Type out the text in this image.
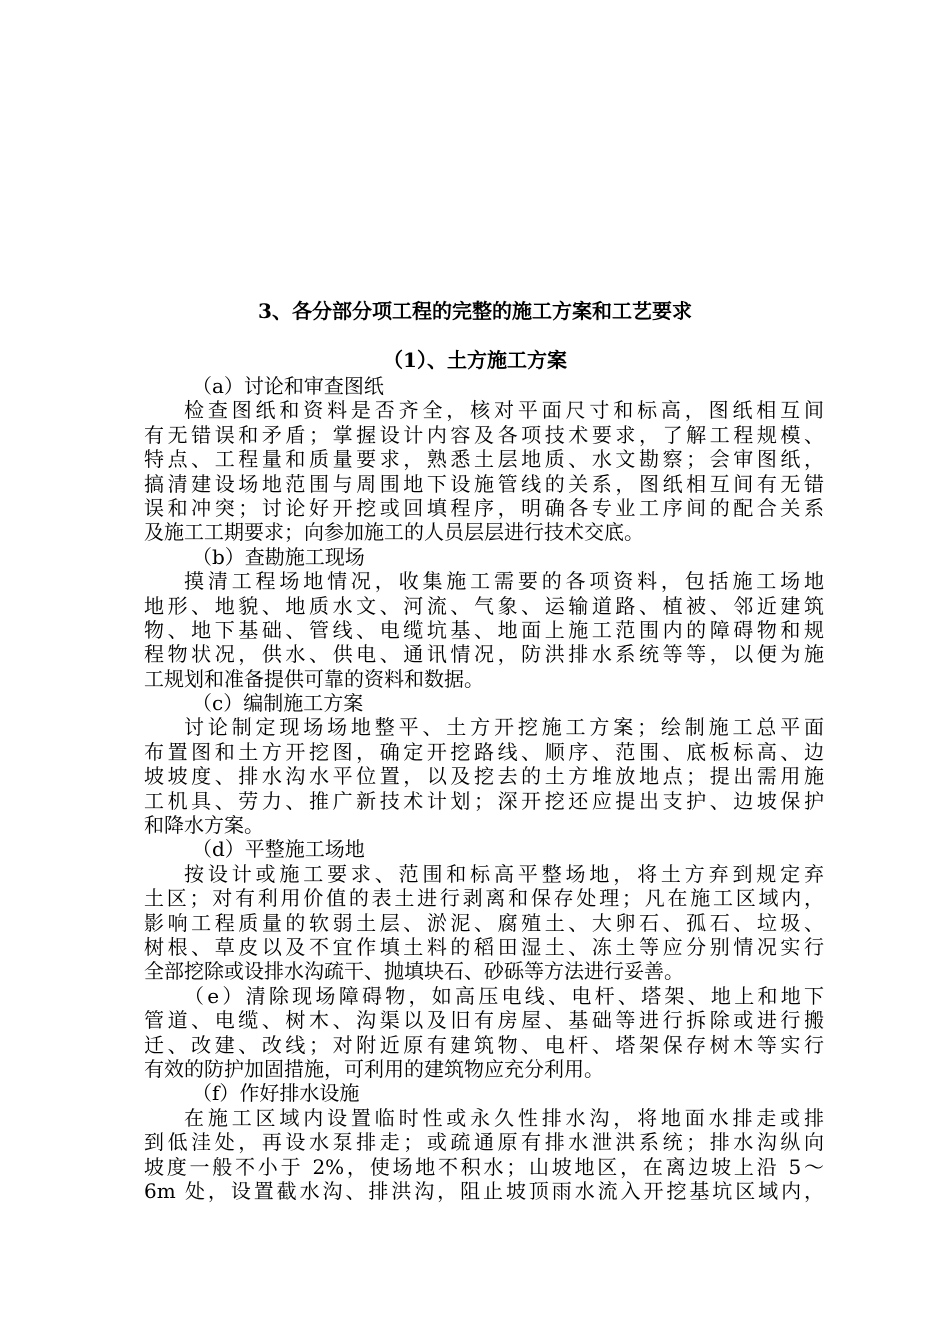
3、各分部分项工程的完整的施工方案和工艺要求
（1）、土方施工方案
（a）讨论和审查图纸
检查图纸和资料是否齐全，核对平面尺寸和标高，图纸相互间
有无错误和矛盾；掌握设计内容及各项技术要求，了解工程规模、
特点、工程量和质量要求，熟悉土层地质、水文勘察；会审图纸，
搞清建设场地范围与周围地下设施管线的关系，图纸相互间有无错
误和冲突；讨论好开挖或回填程序，明确各专业工序间的配合关系
及施工工期要求；向参加施工的人员层层进行技术交底。
（b）查勘施工现场
摸清工程场地情况，收集施工需要的各项资料，包括施工场地
地形、地貌、地质水文、河流、气象、运输道路、植被、邻近建筑
物、地下基础、管线、电缆坑基、地面上施工范围内的障碍物和规
程物状况，供水、供电、通讯情况，防洪排水系统等等，以便为施
工规划和准备提供可靠的资料和数据。
（c）编制施工方案
讨论制定现场场地整平、土方开挖施工方案；绘制施工总平面
布置图和土方开挖图，确定开挖路线、顺序、范围、底板标高、边
坡坡度、排水沟水平位置，以及挖去的土方堆放地点；提出需用施
工机具、劳力、推广新技术计划；深开挖还应提出支护、边坡保护
和降水方案。
（d）平整施工场地
按设计或施工要求、范围和标高平整场地，将土方弃到规定弃
土区；对有利用价值的表土进行剥离和保存处理；凡在施工区域内，
影响工程质量的软弱土层、淤泥、腐殖土、大卵石、孤石、垃圾、
树根、草皮以及不宜作填土料的稻田湿土、冻土等应分别情况实行
全部挖除或设排水沟疏干、抛填块石、砂砾等方法进行妥善。
（e）清除现场障碍物，如高压电线、电杆、塔架、地上和地下
管道、电缆、树木、沟渠以及旧有房屋、基础等进行拆除或进行搬
迁、改建、改线；对附近原有建筑物、电杆、塔架保存树木等实行
有效的防护加固措施，可利用的建筑物应充分利用。
（f）作好排水设施
在施工区域内设置临时性或永久性排水沟，将地面水排走或排
到低洼处，再设水泵排走；或疏通原有排水泄洪系统；排水沟纵向
坡度一般不小于 2%，使场地不积水；山坡地区，在离边坡上沿 5～
6m 处，设置截水沟、排洪沟，阻止坡顶雨水流入开挖基坑区域内，
